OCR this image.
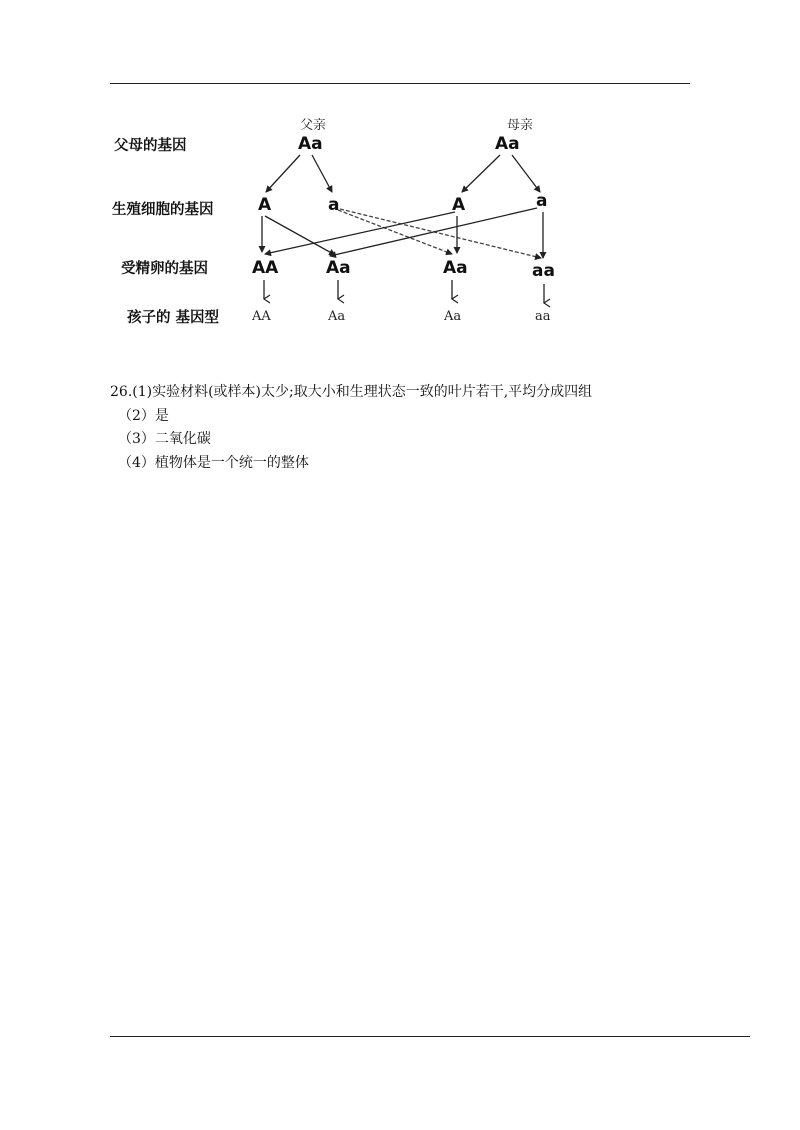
父母的基因
生殖细胞的基因
受精卵的基因
孩子的 基因型
父亲
Aa
母亲
Aa
A	a	A	a
AA	Aa	Aa	aa
AA	Aa	Aa	aa
26.(1)实验材料(或样本)太少;取大小和生理状态一致的叶片若干,平均分成四组
（2）是
（3）二氧化碳
（4）植物体是一个统一的整体
